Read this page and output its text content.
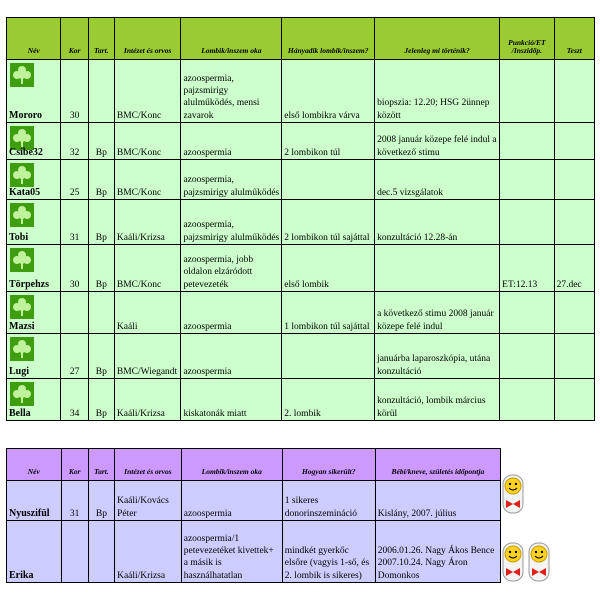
Név	Kor	Tart.	Intézet és orvos	Lombik/inszem oka	Hányadik lombik/inszem?	Jelenleg mi történik?	Punkció/ET /Inszidőp.	Teszt

Mororo	30		BMC/Konc	azoospermia, pajzsmirigy alulműködés, mensi zavarok	első lombikra várva	biopszia: 12.20; HSG 2ünnep között		

Csibe32	32	Bp	BMC/Konc	azoospermia	2 lombikon túl	2008 január közepe felé indul a következő stimu		

Kata05	25	Bp	BMC/Konc	azoospermia, pajzsmirigy alulműködés		dec.5 vizsgálatok		

Tobi	31	Bp	Kaáli/Krizsa	azoospermia, pajzsmirigy alulműködés	2 lombikon túl sajáttal	konzultáció 12.28-án		

Törpehzs	30	Bp	BMC/Konc	azoospermia, jobb oldalon elzáródott petevezeték	első lombik		ET:12.13	27.dec

Mazsi			Kaáli	azoospermia	1 lombikon túl sajáttal	a következő stimu 2008 január közepe felé indul		

Lugi	27	Bp	BMC/Wiegandt	azoospermia		januárba laparoszkópia, utána konzultáció		

Bella	34	Bp	Kaáli/Krizsa	kiskatonák miatt	2. lombik	konzultáció, lombik március körül		
Név	Kor	Tart.	Intézet és orvos	Lombik/inszem oka	Hogyan sikerült?	Bébi/kneve, születés időpontja
Nyuszifül	31	Bp	Kaáli/Kovács Péter	azoospermia	1 sikeres donorinszemináció	Kislány, 2007. július
Erika			Kaáli/Krizsa	azoospermia/1 petevezetéket kivettek+ a másik is használhatatlan	mindkét gyerkőc elsőre (vagyis 1-ső, és 2. lombik is sikeres)	2006.01.26. Nagy Ákos Bence 2007.10.24. Nagy Áron Domonkos
